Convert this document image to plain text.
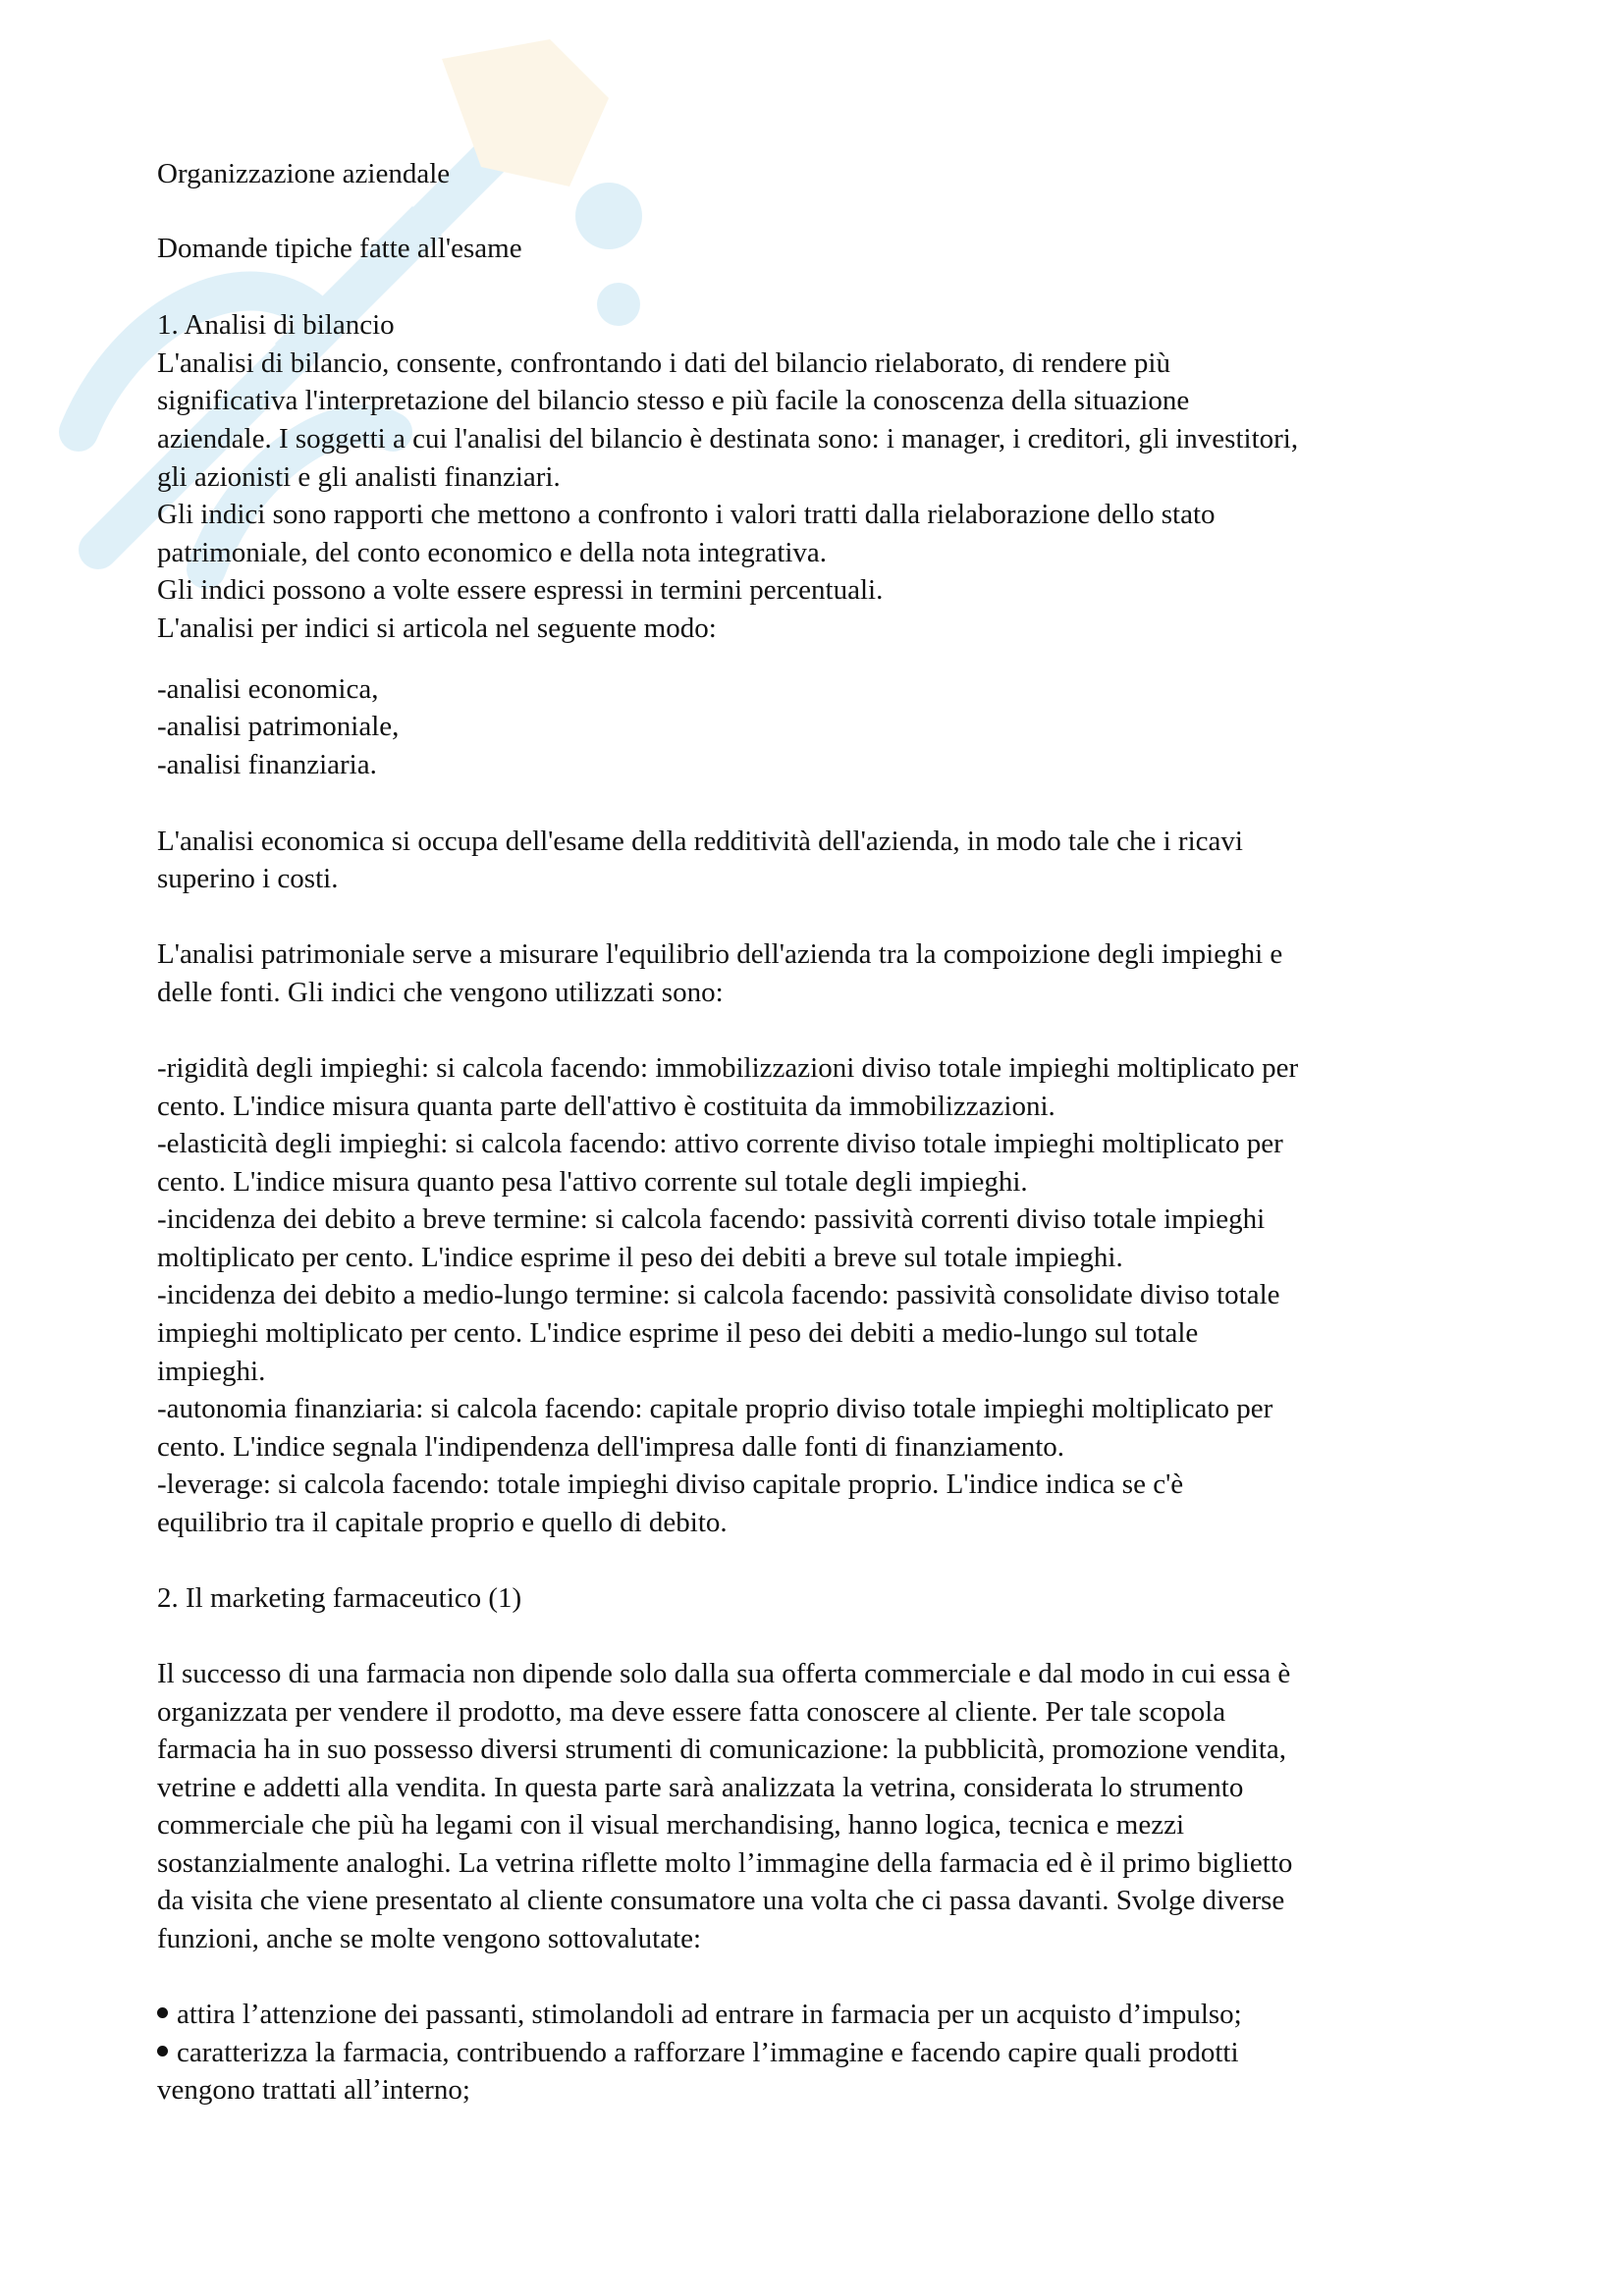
Organizzazione aziendale
Domande tipiche fatte all'esame
1. Analisi di bilancio
L'analisi di bilancio, consente, confrontando i dati del bilancio rielaborato, di rendere più
significativa l'interpretazione del bilancio stesso e più facile la conoscenza della situazione
aziendale. I soggetti a cui l'analisi del bilancio è destinata sono: i manager, i creditori, gli investitori,
gli azionisti e gli analisti finanziari.
Gli indici sono rapporti che mettono a confronto i valori tratti dalla rielaborazione dello stato
patrimoniale, del conto economico e della nota integrativa.
Gli indici possono a volte essere espressi in termini percentuali.
L'analisi per indici si articola nel seguente modo:
-analisi economica,
-analisi patrimoniale,
-analisi finanziaria.
L'analisi economica si occupa dell'esame della redditività dell'azienda, in modo tale che i ricavi
superino i costi.
L'analisi patrimoniale serve a misurare l'equilibrio dell'azienda tra la compoizione degli impieghi e
delle fonti. Gli indici che vengono utilizzati sono:
-rigidità degli impieghi: si calcola facendo: immobilizzazioni diviso totale impieghi moltiplicato per
cento. L'indice misura quanta parte dell'attivo è costituita da immobilizzazioni.
-elasticità degli impieghi: si calcola facendo: attivo corrente diviso totale impieghi moltiplicato per
cento. L'indice misura quanto pesa l'attivo corrente sul totale degli impieghi.
-incidenza dei debito a breve termine: si calcola facendo: passività correnti diviso totale impieghi
moltiplicato per cento. L'indice esprime il peso dei debiti a breve sul totale impieghi.
-incidenza dei debito a medio-lungo termine: si calcola facendo: passività consolidate diviso totale
impieghi moltiplicato per cento. L'indice esprime il peso dei debiti a medio-lungo sul totale
impieghi.
-autonomia finanziaria: si calcola facendo: capitale proprio diviso totale impieghi moltiplicato per
cento. L'indice segnala l'indipendenza dell'impresa dalle fonti di finanziamento.
-leverage: si calcola facendo: totale impieghi diviso capitale proprio. L'indice indica se c'è
equilibrio tra il capitale proprio e quello di debito.
2. Il marketing farmaceutico (1)
Il successo di una farmacia non dipende solo dalla sua offerta commerciale e dal modo in cui essa è
organizzata per vendere il prodotto, ma deve essere fatta conoscere al cliente. Per tale scopola
farmacia ha in suo possesso diversi strumenti di comunicazione: la pubblicità, promozione vendita,
vetrine e addetti alla vendita. In questa parte sarà analizzata la vetrina, considerata lo strumento
commerciale che più ha legami con il visual merchandising, hanno logica, tecnica e mezzi
sostanzialmente analoghi. La vetrina riflette molto l’immagine della farmacia ed è il primo biglietto
da visita che viene presentato al cliente consumatore una volta che ci passa davanti. Svolge diverse
funzioni, anche se molte vengono sottovalutate:
attira l’attenzione dei passanti, stimolandoli ad entrare in farmacia per un acquisto d’impulso;
caratterizza la farmacia, contribuendo a rafforzare l’immagine e facendo capire quali prodotti
vengono trattati all’interno;
